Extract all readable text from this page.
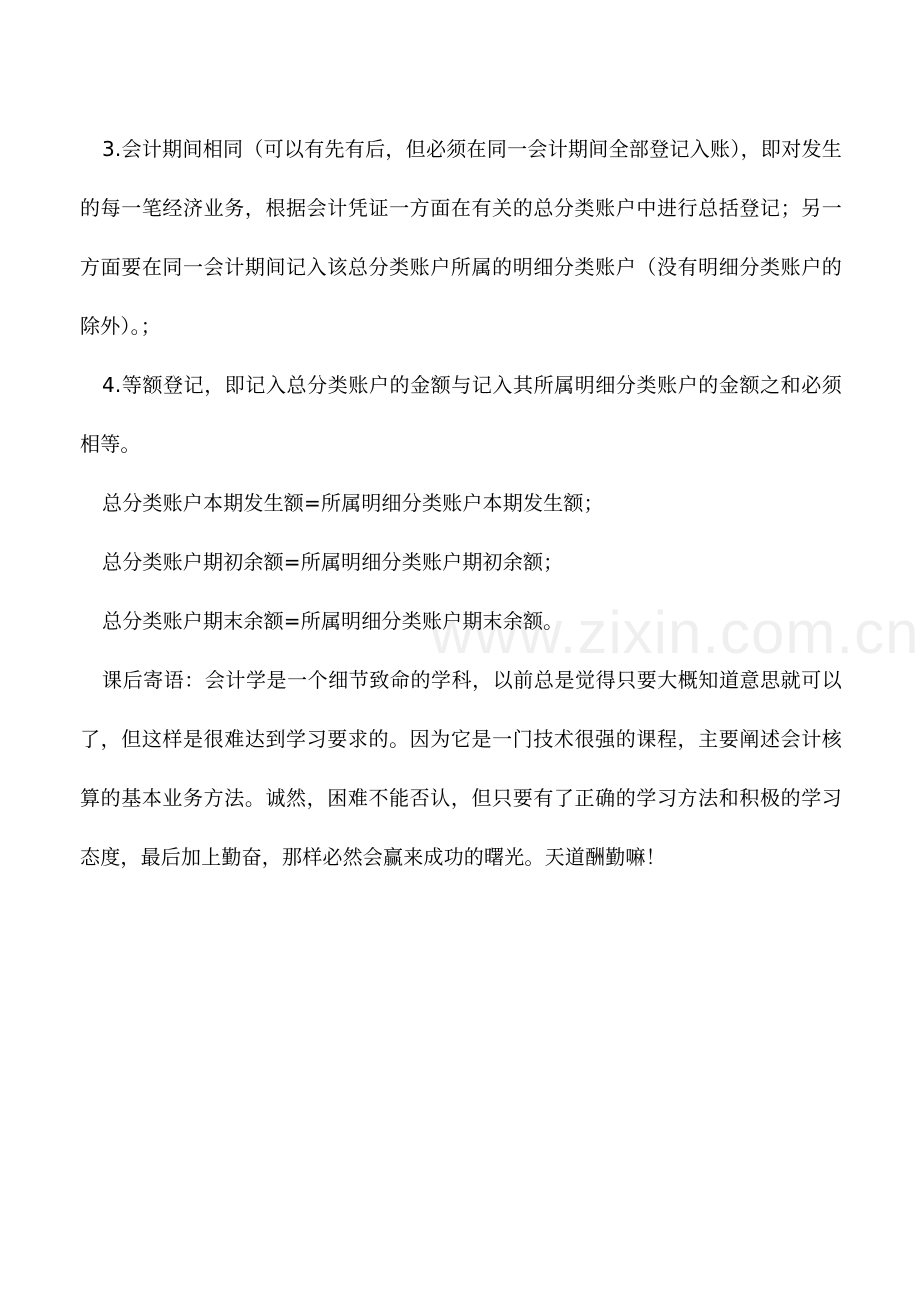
3.会计期间相同（可以有先有后，但必须在同一会计期间全部登记入账），即对发生的每一笔经济业务，根据会计凭证一方面在有关的总分类账户中进行总括登记；另一方面要在同一会计期间记入该总分类账户所属的明细分类账户（没有明细分类账户的除外）。；

4.等额登记，即记入总分类账户的金额与记入其所属明细分类账户的金额之和必须相等。

总分类账户本期发生额=所属明细分类账户本期发生额；

总分类账户期初余额=所属明细分类账户期初余额；

总分类账户期末余额=所属明细分类账户期末余额。

课后寄语：会计学是一个细节致命的学科，以前总是觉得只要大概知道意思就可以了，但这样是很难达到学习要求的。因为它是一门技术很强的课程，主要阐述会计核算的基本业务方法。诚然，困难不能否认，但只要有了正确的学习方法和积极的学习态度，最后加上勤奋，那样必然会赢来成功的曙光。天道酬勤嘛！

www.zixin.com.cn
